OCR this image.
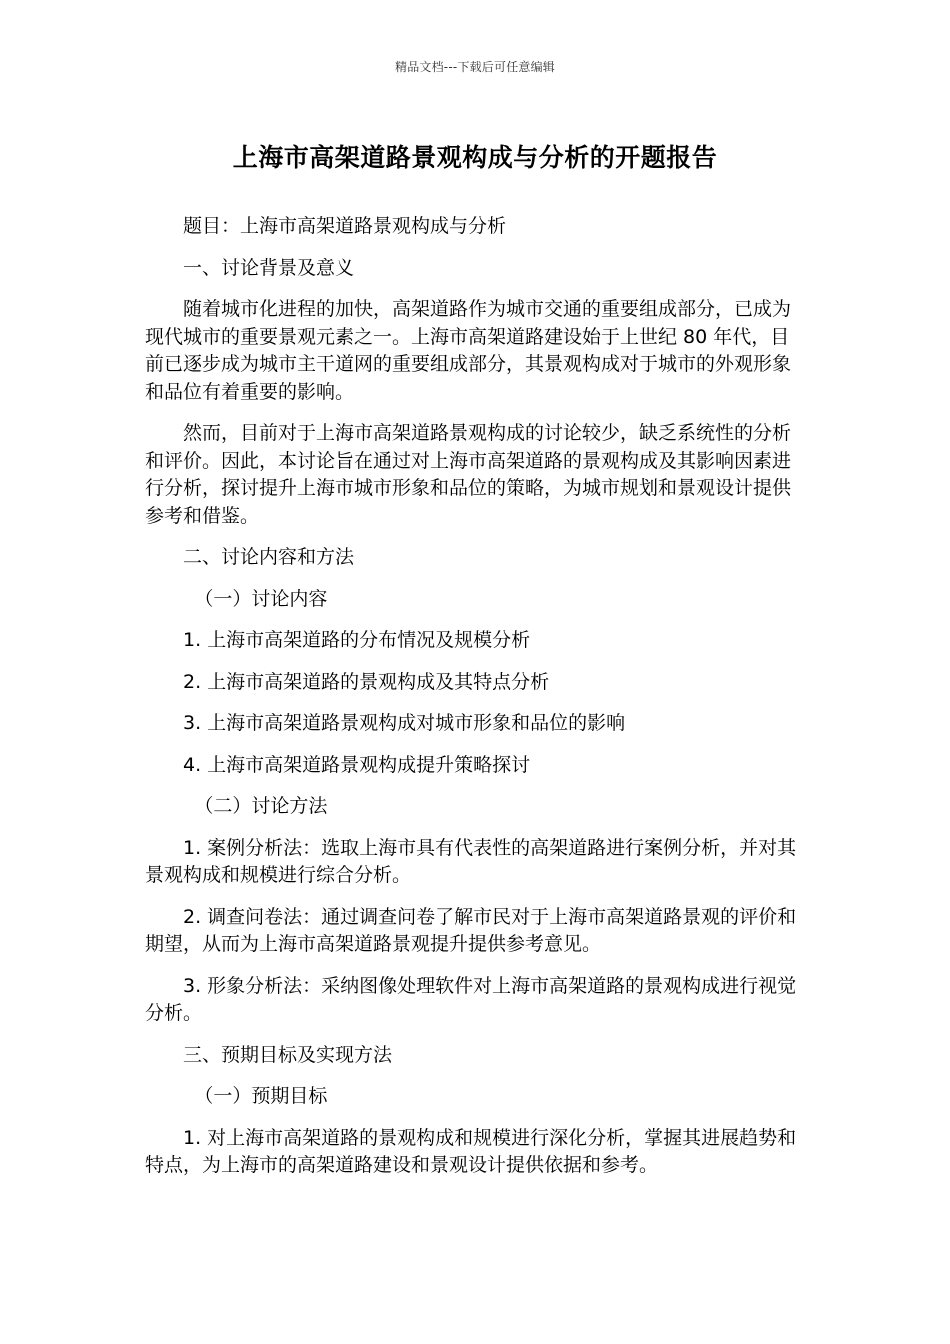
精品文档---下载后可任意编辑
上海市高架道路景观构成与分析的开题报告

题目：上海市高架道路景观构成与分析

一、讨论背景及意义

随着城市化进程的加快，高架道路作为城市交通的重要组成部分，已成为现代城市的重要景观元素之一。上海市高架道路建设始于上世纪 80 年代，目前已逐步成为城市主干道网的重要组成部分，其景观构成对于城市的外观形象和品位有着重要的影响。

然而，目前对于上海市高架道路景观构成的讨论较少，缺乏系统性的分析和评价。因此，本讨论旨在通过对上海市高架道路的景观构成及其影响因素进行分析，探讨提升上海市城市形象和品位的策略，为城市规划和景观设计提供参考和借鉴。

二、讨论内容和方法

（一）讨论内容

1. 上海市高架道路的分布情况及规模分析

2. 上海市高架道路的景观构成及其特点分析

3. 上海市高架道路景观构成对城市形象和品位的影响

4. 上海市高架道路景观构成提升策略探讨

（二）讨论方法

1. 案例分析法：选取上海市具有代表性的高架道路进行案例分析，并对其景观构成和规模进行综合分析。

2. 调查问卷法：通过调查问卷了解市民对于上海市高架道路景观的评价和期望，从而为上海市高架道路景观提升提供参考意见。

3. 形象分析法：采纳图像处理软件对上海市高架道路的景观构成进行视觉分析。

三、预期目标及实现方法

（一）预期目标

1. 对上海市高架道路的景观构成和规模进行深化分析，掌握其进展趋势和特点，为上海市的高架道路建设和景观设计提供依据和参考。
